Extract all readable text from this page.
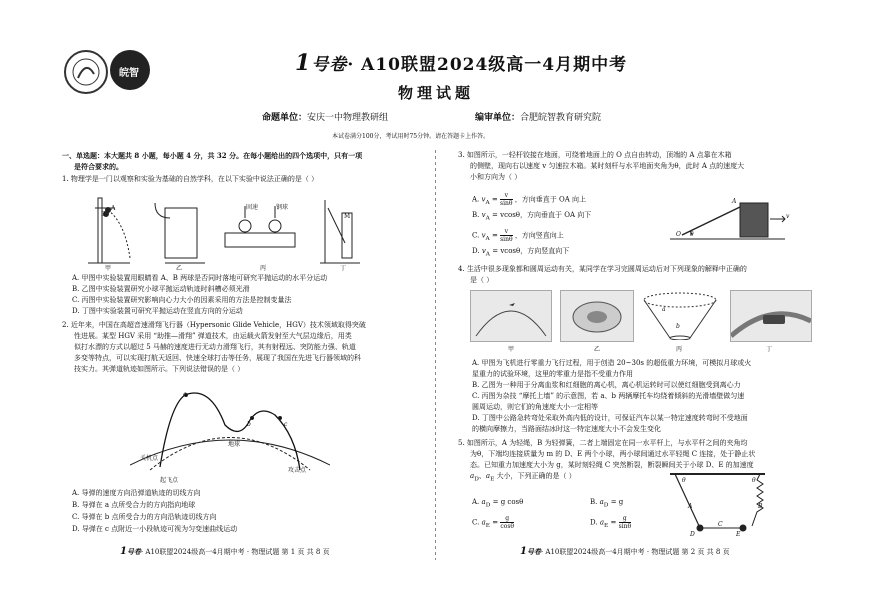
皖智	1号卷· A10联盟2024级高一4月期中考
物理试题
命题单位：安庆一中物理教研组	编审单位：合肥皖智教育研究院
本试卷满分100分，考试用时75分钟。请在答题卡上作答。
一、单选题：本大题共 8 小题，每小题 4 分，共 32 分。在每小题给出的四个选项中，只有一项
是符合要求的。
1. 物理学是一门以观察和实验为基础的自然学科，在以下实验中说法正确的是（ ）
A
B
固速	钢球
M
甲	乙	丙	丁
A. 甲图中实验装置用眼睛看 A、B 两球是否同时落地可研究平抛运动的水平分运动
B. 乙图中实验装置研究小球平抛运动轨迹时斜槽必须光滑
C. 丙图中实验装置研究影响向心力大小的因素采用的方法是控制变量法
D. 丁图中实验装置可研究平抛运动在竖直方向的分运动
2. 近年来，中国在高超音速滑翔飞行器（Hypersonic Glide Vehicle，HGV）技术领域取得突破
性进展。某型 HGV 采用 “助推—滑翔” 弹道技术，由运载火箭发射至大气层边缘后，用类
似打水漂的方式以超过 5 马赫的速度进行无动力滑翔飞行，其有射程远、突防能力强、轨道
多变等特点，可以实现打航天返回、快速全球打击等任务，展现了我国在先进飞行器领域的科
技实力。其弹道轨迹如图所示。下列说法错误的是（ ）
a
b	c
地球
关机点
起飞点
攻击点
A. 导弹的速度方向沿弹道轨迹的切线方向
B. 导弹在 a 点所受合力的方向指向地球
C. 导弹在 b 点所受合力的方向沿轨迹切线方向
D. 导弹在 c 点附近一小段轨迹可视为匀变速曲线运动
1号卷· A10联盟2024级高一4月期中考 · 物理试题 第 1 页 共 8 页
3. 如图所示，一轻杆铰接在地面，可绕着地面上的 O 点自由转动，顶端的 A 点靠在木箱
的侧壁，现向右以速度 v 匀速拉木箱。某时刻杆与水平地面夹角为θ，此时 A 点的速度大
小和方向为（ ）
A
O θ
v
A. $v_A = \frac{v}{\sin\theta}$ ，方向垂直于 OA 向上
B. $v_A = vcos\theta$，方向垂直于 OA 向下
C. $v_A = \frac{v}{\sin\theta}$ ，方向竖直向上
D. $v_A = vcos\theta$，方向竖直向下
4. 生活中很多现象都和圆周运动有关，某同学在学习完圆周运动后对下列现象的解释中正确的
是（ ）
a
b
甲	乙	丙	丁
A. 甲图为飞机进行零重力飞行过程，用于创造 20~30s 的超低重力环境，可模拟月球或火
星重力的试验环境，这里的零重力是指不受重力作用
B. 乙图为一种用于分离血浆和红细胞的离心机，离心机运转时可以使红细胞受到离心力
C. 丙图为杂技 “摩托上墙” 的示意图，若 a、b 两辆摩托车均绕着倾斜的光滑墙壁做匀速
圆周运动，则它们的角速度大小一定相等
D. 丁图中公路急转弯处采取外高内低的设计，可保证汽车以某一特定速度转弯时不受地面
的横向摩擦力，当路面结冰时这一特定速度大小不会发生变化
5. 如图所示，A 为轻绳，B 为轻弹簧，二者上端固定在同一水平杆上，与水平杆之间的夹角均
为θ，下端均连接质量为 m 的 D、E 两个小球，两小球间通过水平轻绳 C 连接，处于静止状
态。已知重力加速度大小为 g，某时刻轻绳 C 突然断裂，断裂瞬间关于小球 D、E 的加速度
$a_D$、$a_E$ 大小，下列正确的是（ ）
A	B
C
D	E
θ	θ
A. $a_D = g$ cosθ	B. $a_D = g$
C. $a_E = \frac{g}{\cos\theta}$	D. $a_E = \frac{g}{\sin\theta}$
1号卷· A10联盟2024级高一4月期中考 · 物理试题 第 2 页 共 8 页
